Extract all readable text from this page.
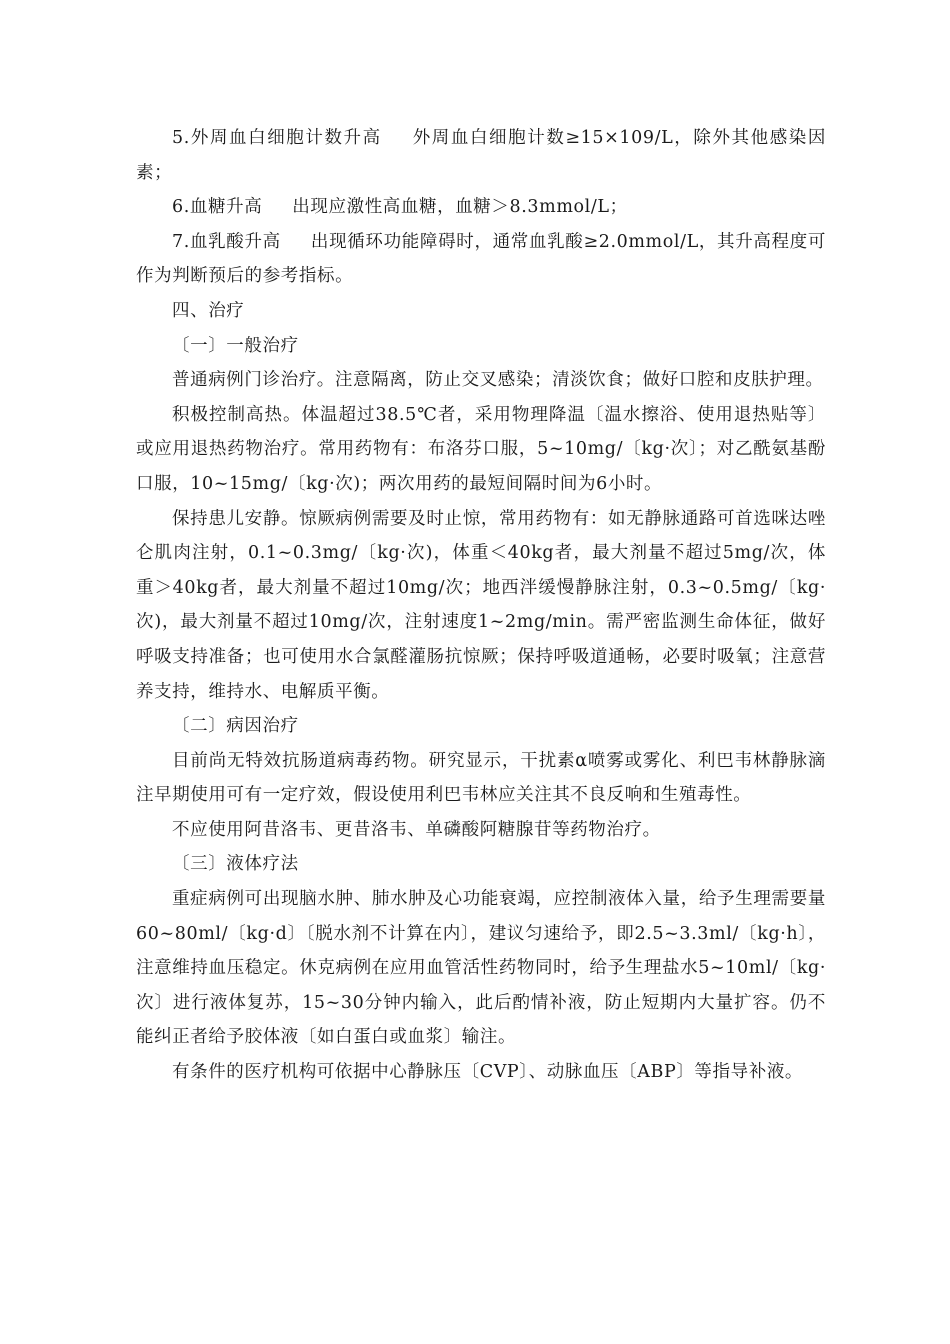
5.外周血白细胞计数升高 外周血白细胞计数≥15×109/L，除外其他感染因素；

6.血糖升高 出现应激性高血糖，血糖＞8.3mmol/L；

7.血乳酸升高 出现循环功能障碍时，通常血乳酸≥2.0mmol/L，其升高程度可作为判断预后的参考指标。

四、治疗

〔一〕一般治疗

普通病例门诊治疗。注意隔离，防止交叉感染；清淡饮食；做好口腔和皮肤护理。

积极控制高热。体温超过38.5℃者，采用物理降温〔温水擦浴、使用退热贴等〕或应用退热药物治疗。常用药物有：布洛芬口服，5~10mg/〔kg·次〕；对乙酰氨基酚口服，10~15mg/〔kg·次)；两次用药的最短间隔时间为6小时。

保持患儿安静。惊厥病例需要及时止惊，常用药物有：如无静脉通路可首选咪达唑仑肌肉注射，0.1~0.3mg/〔kg·次)，体重＜40kg者，最大剂量不超过5mg/次，体重＞40kg者，最大剂量不超过10mg/次；地西泮缓慢静脉注射，0.3~0.5mg/〔kg·次)，最大剂量不超过10mg/次，注射速度1~2mg/min。需严密监测生命体征，做好呼吸支持准备；也可使用水合氯醛灌肠抗惊厥；保持呼吸道通畅，必要时吸氧；注意营养支持，维持水、电解质平衡。

〔二〕病因治疗

目前尚无特效抗肠道病毒药物。研究显示，干扰素α喷雾或雾化、利巴韦林静脉滴注早期使用可有一定疗效，假设使用利巴韦林应关注其不良反响和生殖毒性。

不应使用阿昔洛韦、更昔洛韦、单磷酸阿糖腺苷等药物治疗。

〔三〕液体疗法

重症病例可出现脑水肿、肺水肿及心功能衰竭，应控制液体入量，给予生理需要量60~80ml/〔kg·d〕〔脱水剂不计算在内〕，建议匀速给予，即2.5~3.3ml/〔kg·h〕，注意维持血压稳定。休克病例在应用血管活性药物同时，给予生理盐水5~10ml/〔kg·次〕进行液体复苏，15~30分钟内输入，此后酌情补液，防止短期内大量扩容。仍不能纠正者给予胶体液〔如白蛋白或血浆〕输注。

有条件的医疗机构可依据中心静脉压〔CVP〕、动脉血压〔ABP〕等指导补液。
